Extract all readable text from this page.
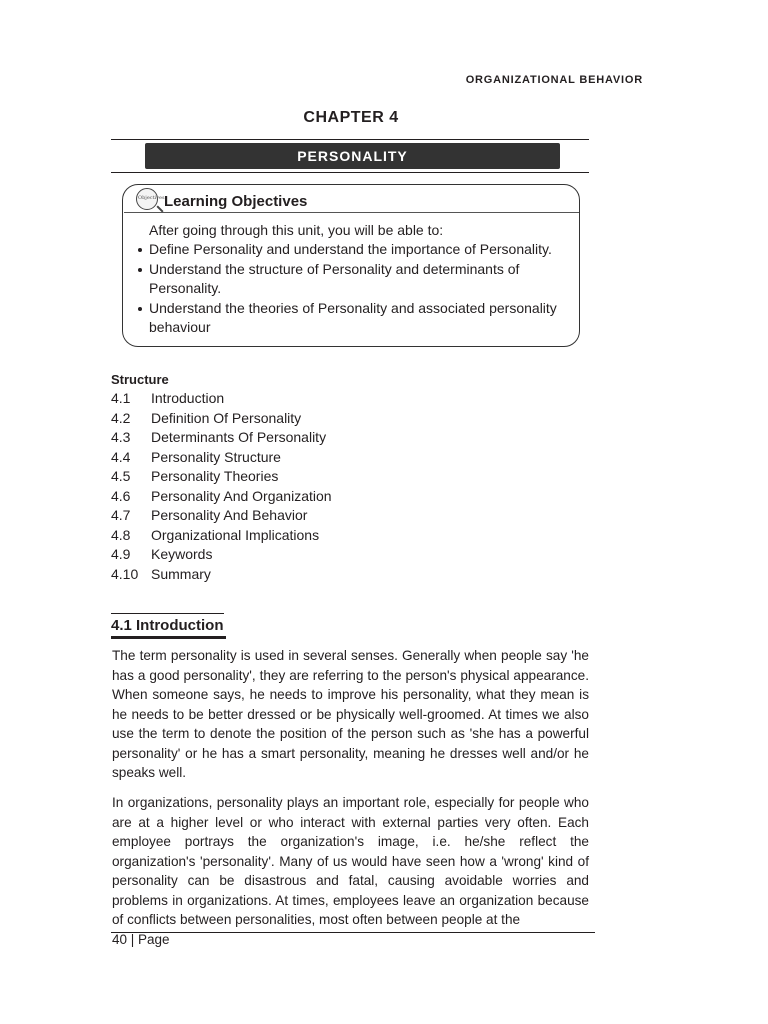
ORGANIZATIONAL BEHAVIOR
CHAPTER 4
PERSONALITY
Objectives Learning Objectives
After going through this unit, you will be able to:
Define Personality and understand the importance of Personality.
Understand the structure of Personality and determinants of
Personality.
Understand the theories of Personality and associated personality
behaviour
Structure
4.1 Introduction
4.2 Definition Of Personality
4.3 Determinants Of Personality
4.4 Personality Structure
4.5 Personality Theories
4.6 Personality And Organization
4.7 Personality And Behavior
4.8 Organizational Implications
4.9 Keywords
4.10 Summary
4.1 Introduction
The term personality is used in several senses. Generally when people say 'he has a good personality', they are referring to the person's physical appearance. When someone says, he needs to improve his personality, what they mean is he needs to be better dressed or be physically well-groomed. At times we also use the term to denote the position of the person such as 'she has a powerful personality' or he has a smart personality, meaning he dresses well and/or he speaks well.
In organizations, personality plays an important role, especially for people who are at a higher level or who interact with external parties very often. Each employee portrays the organization's image, i.e. he/she reflect the organization's 'personality'. Many of us would have seen how a 'wrong' kind of personality can be disastrous and fatal, causing avoidable worries and problems in organizations. At times, employees leave an organization because of conflicts between personalities, most often between people at the
40 | Page
